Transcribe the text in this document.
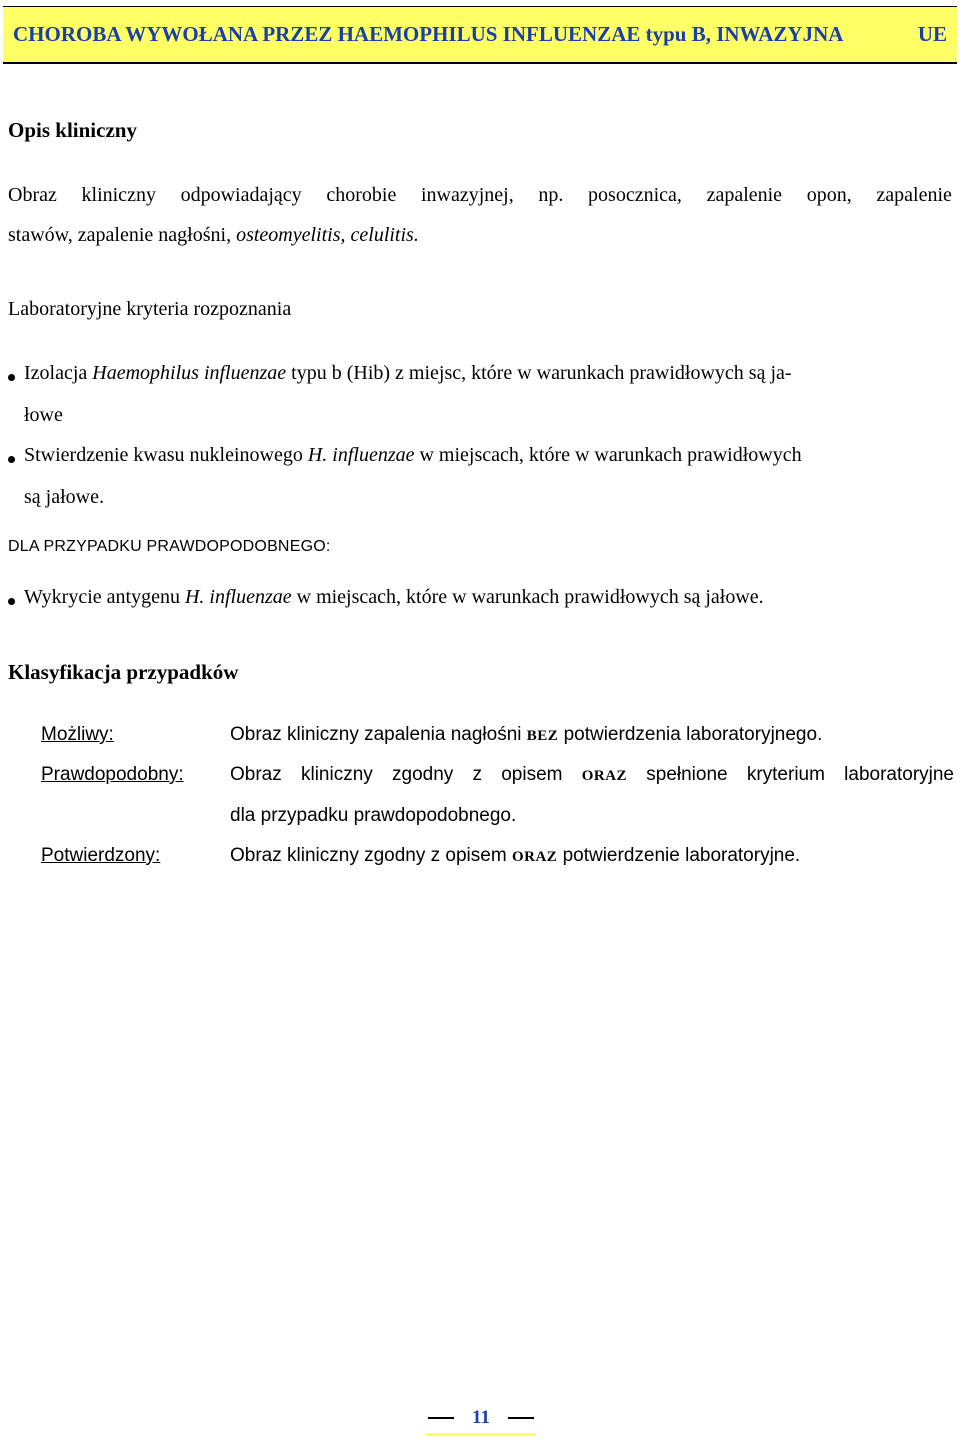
CHOROBA WYWOŁANA PRZEZ HAEMOPHILUS INFLUENZAE typu B, INWAZYJNA	UE
Opis kliniczny
Obraz kliniczny odpowiadający chorobie inwazyjnej, np. posocznica, zapalenie opon, zapalenie
stawów, zapalenie nagłośni, osteomyelitis, celulitis.
Laboratoryjne kryteria rozpoznania
Izolacja Haemophilus influenzae typu b (Hib) z miejsc, które w warunkach prawidłowych są ja-
łowe
Stwierdzenie kwasu nukleinowego H. influenzae w miejscach, które w warunkach prawidłowych
są jałowe.
DLA PRZYPADKU PRAWDOPODOBNEGO:
Wykrycie antygenu H. influenzae w miejscach, które w warunkach prawidłowych są jałowe.
Klasyfikacja przypadków
Możliwy:	Obraz kliniczny zapalenia nagłośni BEZ potwierdzenia laboratoryjnego.
Prawdopodobny: Obraz kliniczny zgodny z opisem ORAZ spełnione kryterium laboratoryjne
dla przypadku prawdopodobnego.
Potwierdzony:	Obraz kliniczny zgodny z opisem ORAZ potwierdzenie laboratoryjne.
11
